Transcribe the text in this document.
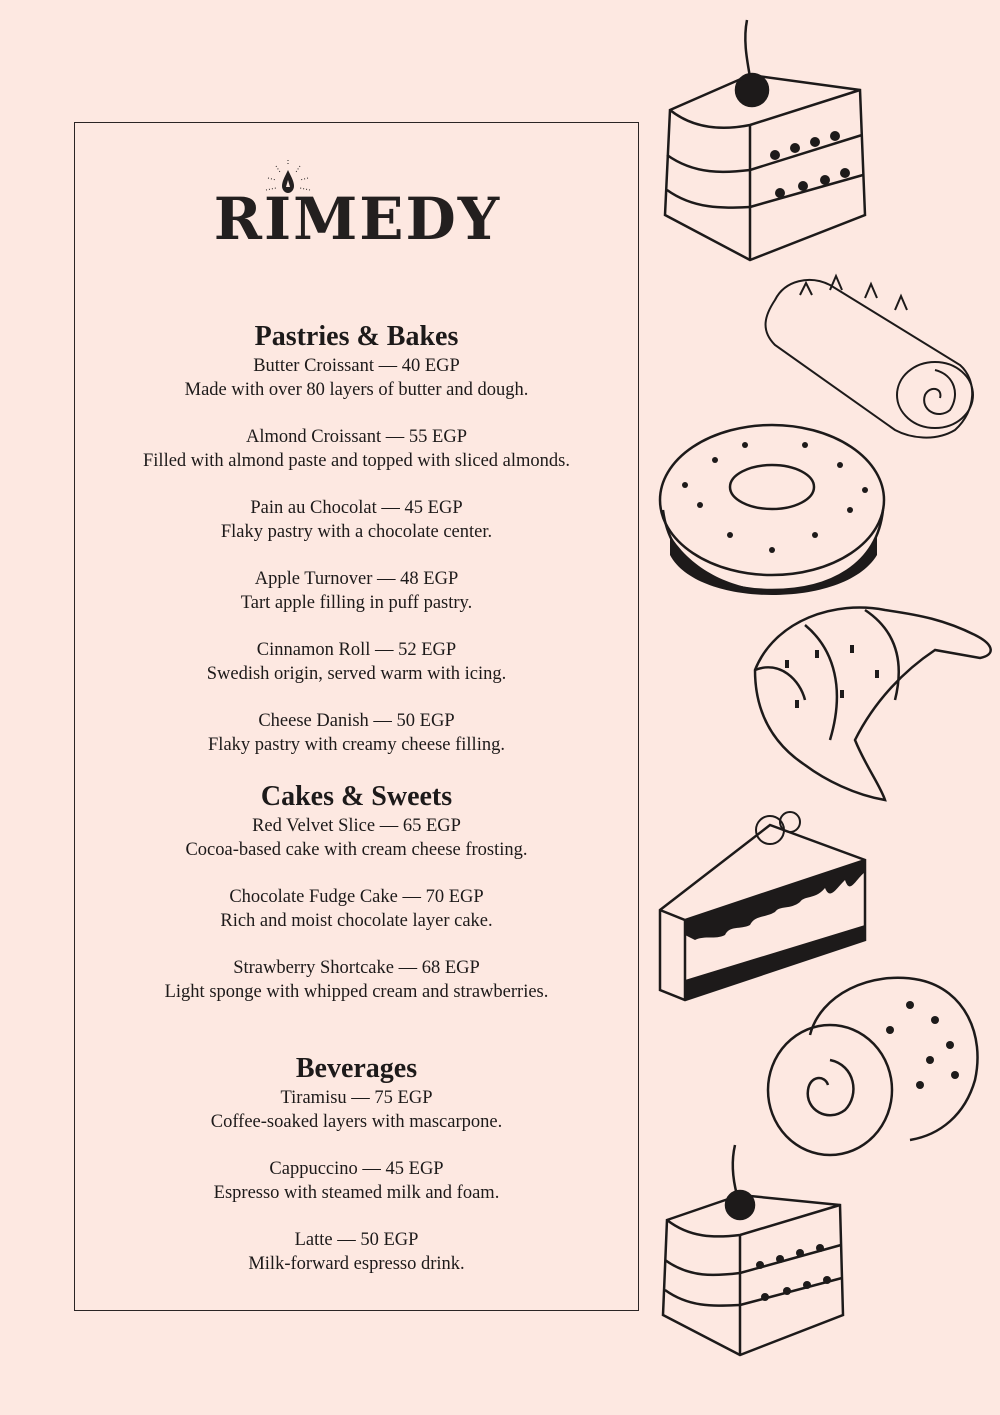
RIMEDY
Pastries & Bakes

Butter Croissant — 40 EGP

Made with over 80 layers of butter and dough.

Almond Croissant — 55 EGP

Filled with almond paste and topped with sliced almonds.

Pain au Chocolat — 45 EGP

Flaky pastry with a chocolate center.

Apple Turnover — 48 EGP

Tart apple filling in puff pastry.

Cinnamon Roll — 52 EGP

Swedish origin, served warm with icing.

Cheese Danish — 50 EGP

Flaky pastry with creamy cheese filling.

Cakes & Sweets

Red Velvet Slice — 65 EGP

Cocoa-based cake with cream cheese frosting.

Chocolate Fudge Cake — 70 EGP

Rich and moist chocolate layer cake.

Strawberry Shortcake — 68 EGP

Light sponge with whipped cream and strawberries.

Beverages

Tiramisu — 75 EGP

Coffee-soaked layers with mascarpone.

Cappuccino — 45 EGP

Espresso with steamed milk and foam.

Latte — 50 EGP

Milk-forward espresso drink.
